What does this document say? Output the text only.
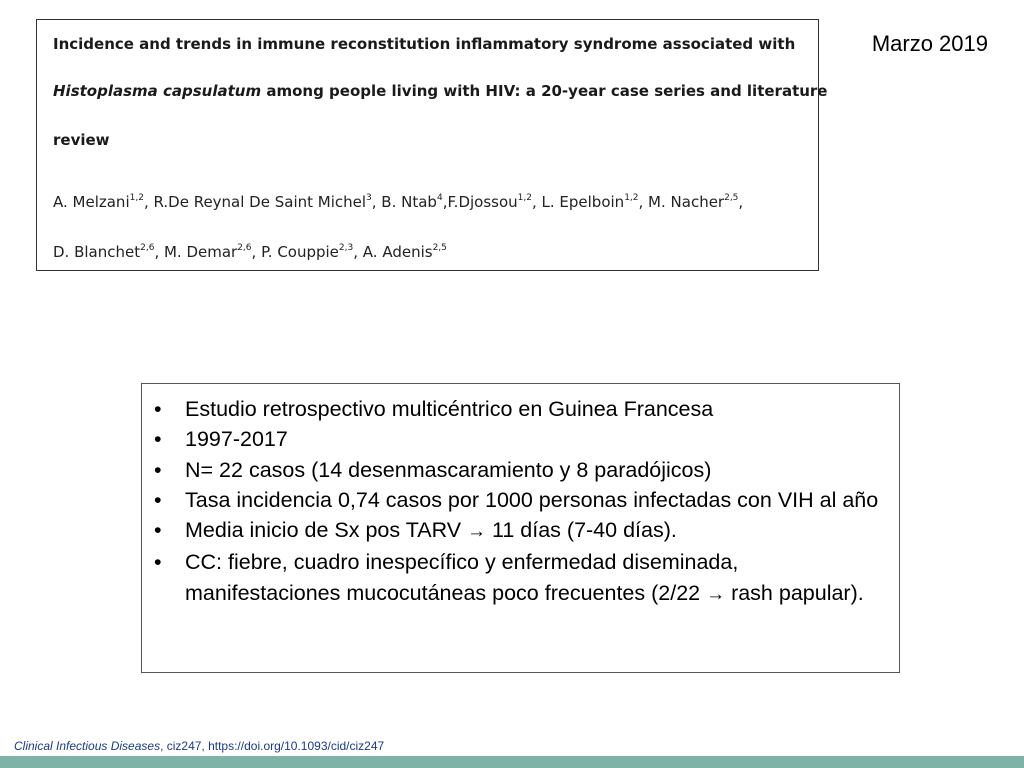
Incidence and trends in immune reconstitution inflammatory syndrome associated with
Histoplasma capsulatum among people living with HIV: a 20-year case series and literature
review
A. Melzani$^{1,2}$, R.De Reynal De Saint Michel$^3$, B. Ntab$^4$,F.Djossou$^{1,2}$, L. Epelboin$^{1,2}$, M. Nacher$^{2,5}$,
D. Blanchet$^{2,6}$, M. Demar$^{2,6}$, P. Couppie$^{2,3}$, A. Adenis$^{2,5}$
Marzo 2019
•	Estudio retrospectivo multicéntrico en Guinea Francesa
•	1997-2017
•	N= 22 casos (14 desenmascaramiento y 8 paradójicos)
•	Tasa incidencia 0,74 casos por 1000 personas infectadas con VIH al año
•	Media inicio de Sx pos TARV → 11 días (7-40 días).
•	CC: fiebre, cuadro inespecífico y enfermedad diseminada, manifestaciones mucocutáneas poco frecuentes (2/22 → rash papular).
Clinical Infectious Diseases, ciz247, https://doi.org/10.1093/cid/ciz247
